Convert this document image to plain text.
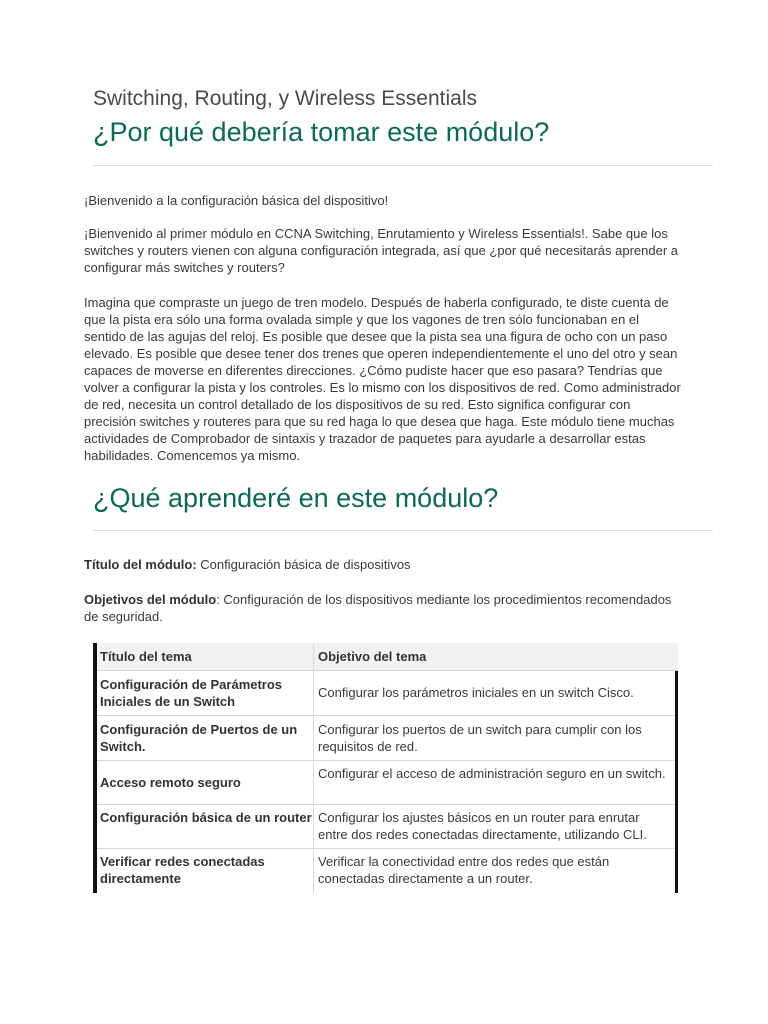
Switching, Routing, y Wireless Essentials
¿Por qué debería tomar este módulo?

¡Bienvenido a la configuración básica del dispositivo!

¡Bienvenido al primer módulo en CCNA Switching, Enrutamiento y Wireless Essentials!. Sabe que los switches y routers vienen con alguna configuración integrada, así que ¿por qué necesitarás aprender a configurar más switches y routers?

Imagina que compraste un juego de tren modelo. Después de haberla configurado, te diste cuenta de que la pista era sólo una forma ovalada simple y que los vagones de tren sólo funcionaban en el sentido de las agujas del reloj. Es posible que desee que la pista sea una figura de ocho con un paso elevado. Es posible que desee tener dos trenes que operen independientemente el uno del otro y sean capaces de moverse en diferentes direcciones. ¿Cómo pudiste hacer que eso pasara? Tendrías que volver a configurar la pista y los controles. Es lo mismo con los dispositivos de red. Como administrador de red, necesita un control detallado de los dispositivos de su red. Esto significa configurar con precisión switches y routeres para que su red haga lo que desea que haga. Este módulo tiene muchas actividades de Comprobador de sintaxis y trazador de paquetes para ayudarle a desarrollar estas habilidades. Comencemos ya mismo.

¿Qué aprenderé en este módulo?

Título del módulo: Configuración básica de dispositivos

Objetivos del módulo: Configuración de los dispositivos mediante los procedimientos recomendados de seguridad.

Título del tema	Objetivo del tema
Configuración de Parámetros Iniciales de un Switch
Configurar los parámetros iniciales en un switch Cisco.
Configuración de Puertos de un Switch.
Configurar los puertos de un switch para cumplir con los requisitos de red.
Acceso remoto seguro
Configurar el acceso de administración seguro en un switch.
Configuración básica de un router Configurar los ajustes básicos en un router para enrutar entre dos redes conectadas directamente, utilizando CLI.
Verificar redes conectadas directamente
Verificar la conectividad entre dos redes que están conectadas directamente a un router.
